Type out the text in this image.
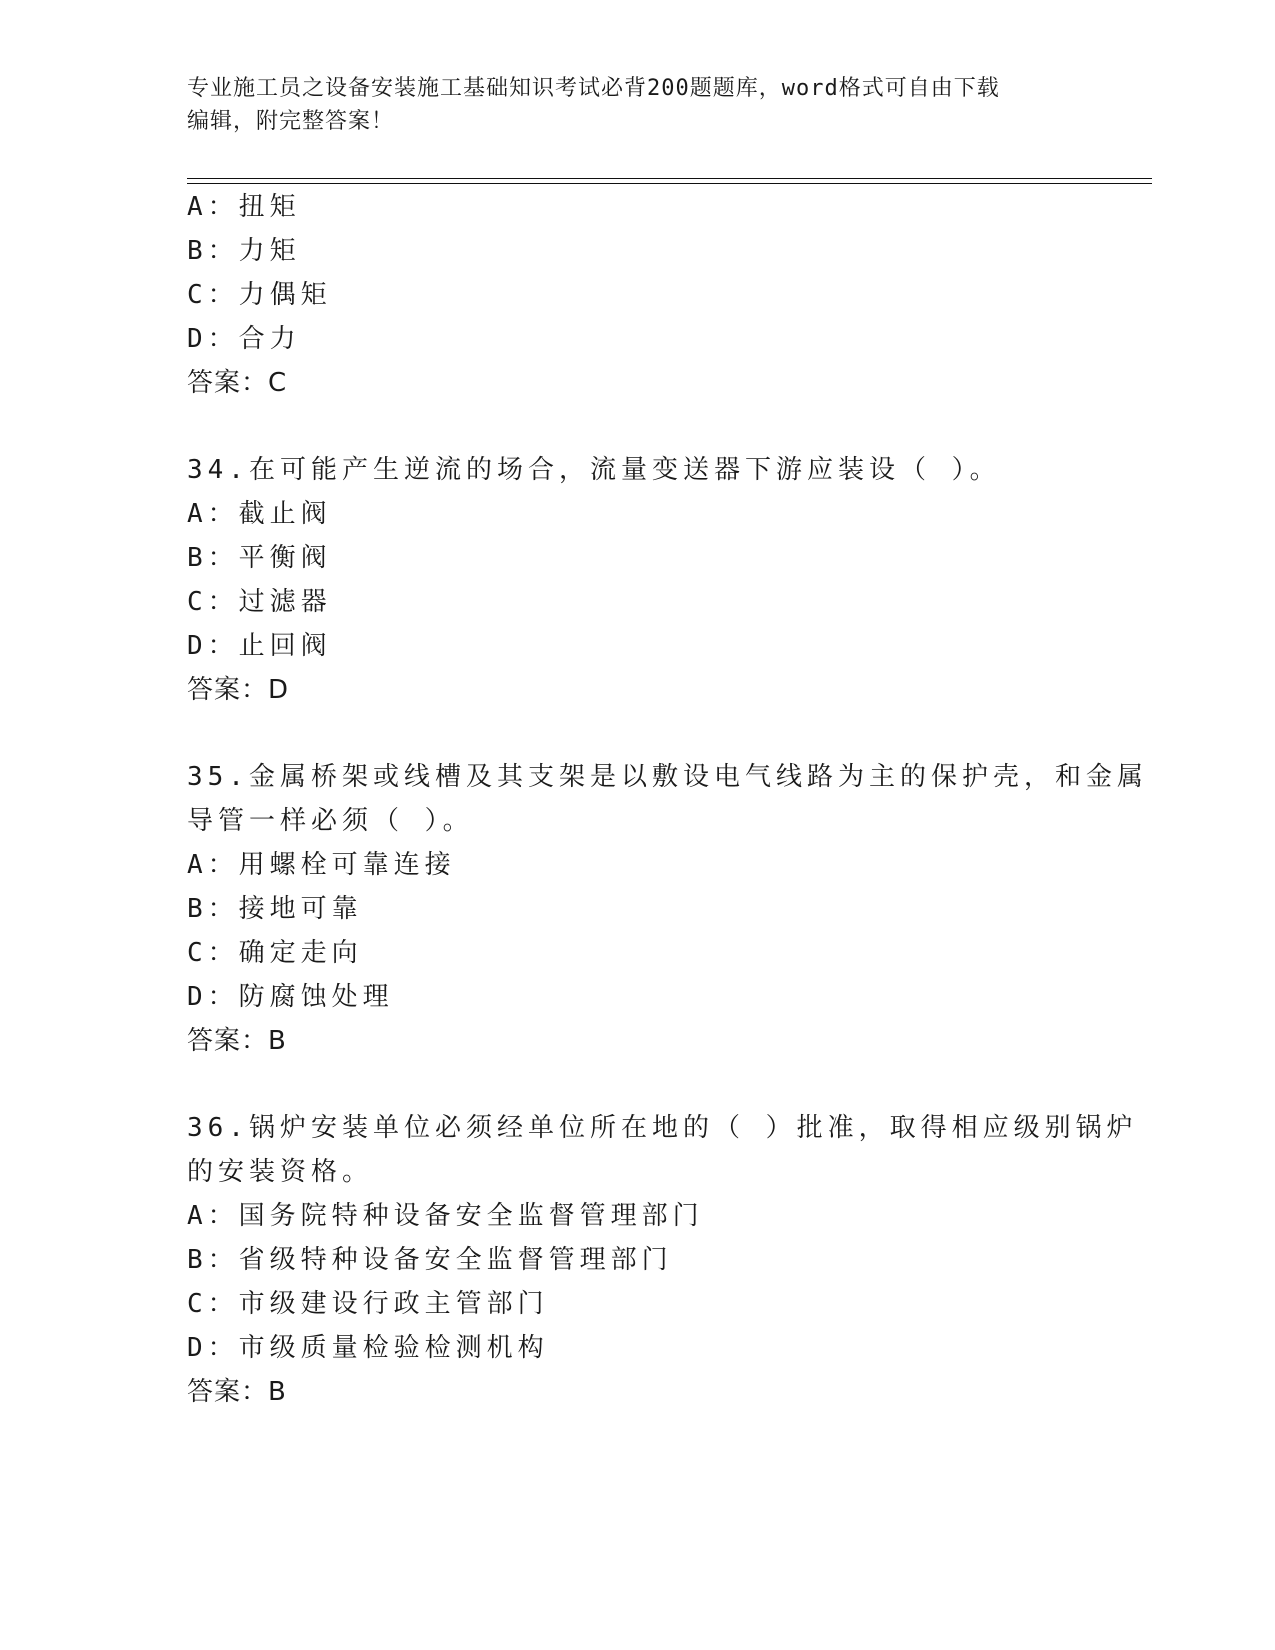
专业施工员之设备安装施工基础知识考试必背200题题库，word格式可自由下载
编辑，附完整答案！
A：扭矩
B：力矩
C：力偶矩
D：合力
答案：C
34.在可能产生逆流的场合，流量变送器下游应装设（ ）。
A：截止阀
B：平衡阀
C：过滤器
D：止回阀
答案：D
35.金属桥架或线槽及其支架是以敷设电气线路为主的保护壳，和金属
导管一样必须（ ）。
A：用螺栓可靠连接
B：接地可靠
C：确定走向
D：防腐蚀处理
答案：B
36.锅炉安装单位必须经单位所在地的（ ）批准，取得相应级别锅炉
的安装资格。
A：国务院特种设备安全监督管理部门
B：省级特种设备安全监督管理部门
C：市级建设行政主管部门
D：市级质量检验检测机构
答案：B
